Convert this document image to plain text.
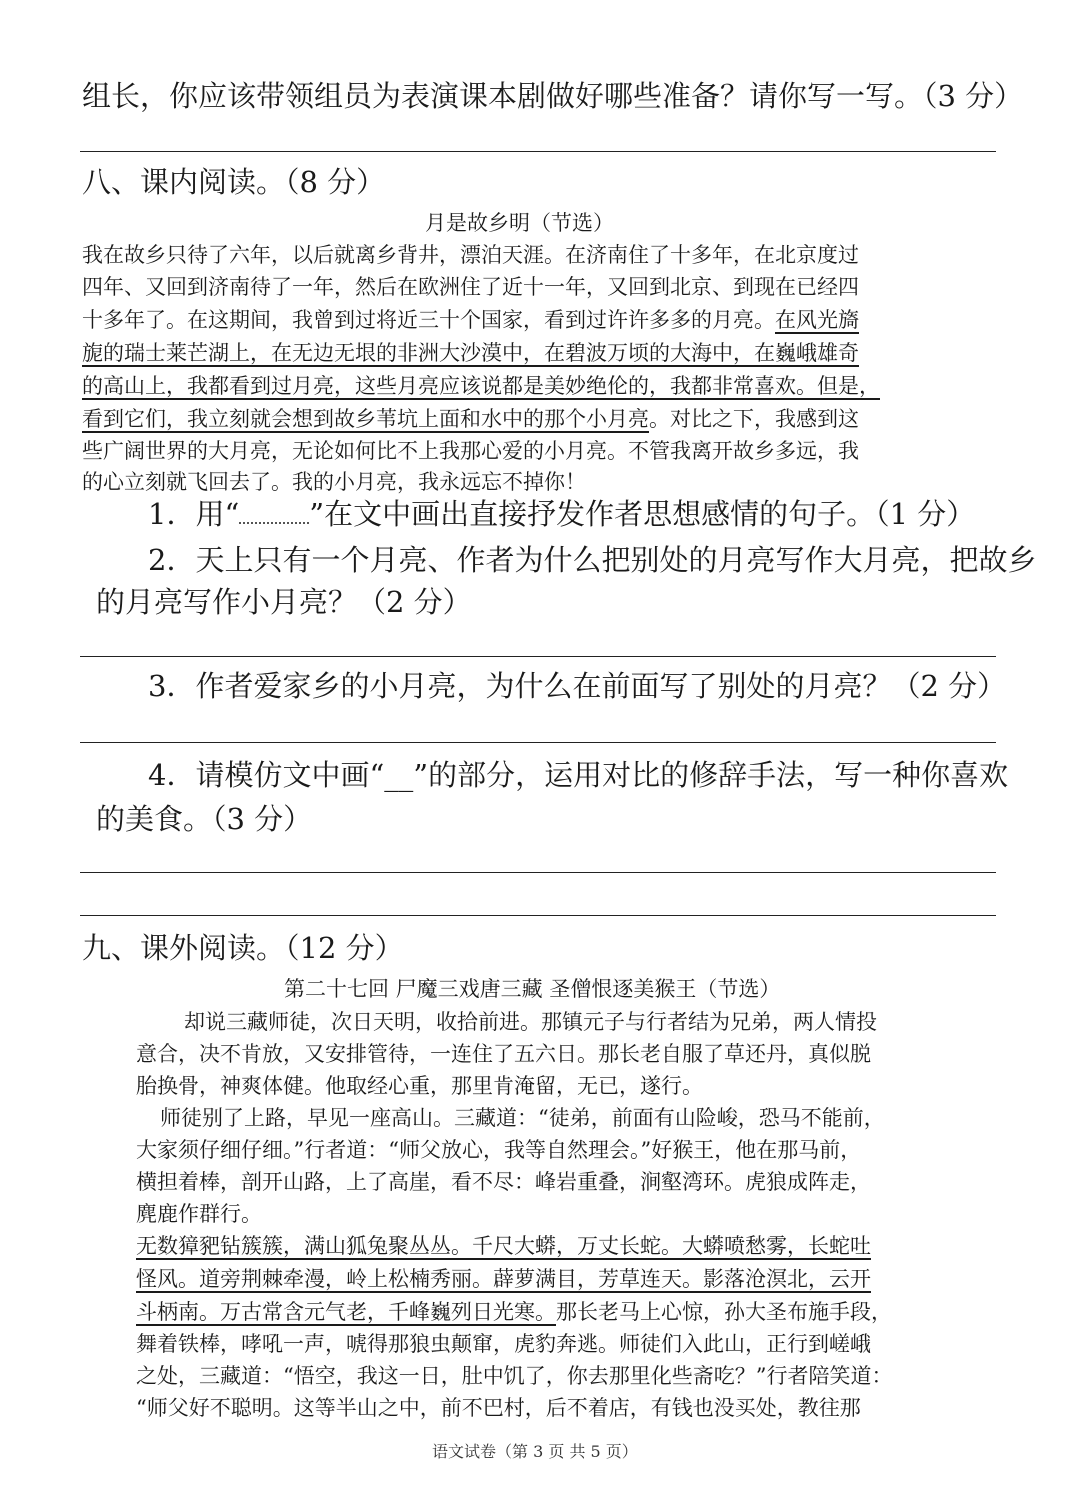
组长，你应该带领组员为表演课本剧做好哪些准备？请你写一写。（3 分）

八、课内阅读。（8 分）

月是故乡明（节选）

我在故乡只待了六年，以后就离乡背井，漂泊天涯。在济南住了十多年，在北京度过

四年、又回到济南待了一年，然后在欧洲住了近十一年，又回到北京、到现在已经四

十多年了。在这期间，我曾到过将近三十个国家，看到过许许多多的月亮。在风光旖

旎的瑞士莱芒湖上，在无边无垠的非洲大沙漠中，在碧波万顷的大海中，在巍峨雄奇

的高山上，我都看到过月亮，这些月亮应该说都是美妙绝伦的，我都非常喜欢。但是，

看到它们，我立刻就会想到故乡苇坑上面和水中的那个小月亮。对比之下，我感到这

些广阔世界的大月亮，无论如何比不上我那心爱的小月亮。不管我离开故乡多远，我

的心立刻就飞回去了。我的小月亮，我永远忘不掉你！

1．用“ ”在文中画出直接抒发作者思想感情的句子。（1 分）

2．天上只有一个月亮、作者为什么把别处的月亮写作大月亮，把故乡

的月亮写作小月亮？（2 分）

3．作者爱家乡的小月亮，为什么在前面写了别处的月亮？（2 分）

4．请模仿文中画“__”的部分，运用对比的修辞手法，写一种你喜欢

的美食。（3 分）

九、课外阅读。（12 分）

第二十七回 尸魔三戏唐三藏 圣僧恨逐美猴王（节选）

却说三藏师徒，次日天明，收拾前进。那镇元子与行者结为兄弟，两人情投

意合，决不肯放，又安排管待，一连住了五六日。那长老自服了草还丹，真似脱

胎换骨，神爽体健。他取经心重，那里肯淹留，无已，遂行。

师徒别了上路，早见一座高山。三藏道：“徒弟，前面有山险峻，恐马不能前，

大家须仔细仔细。”行者道：“师父放心，我等自然理会。”好猴王，他在那马前，

横担着棒，剖开山路，上了高崖，看不尽：峰岩重叠，涧壑湾环。虎狼成阵走，

麂鹿作群行。

无数獐豝钻簇簇，满山狐兔聚丛丛。千尺大蟒，万丈长蛇。大蟒喷愁雾，长蛇吐

怪风。道旁荆棘牵漫，岭上松楠秀丽。薜萝满目，芳草连天。影落沧溟北，云开

斗柄南。万古常含元气老，千峰巍列日光寒。那长老马上心惊，孙大圣布施手段，

舞着铁棒，哮吼一声，唬得那狼虫颠窜，虎豹奔逃。师徒们入此山，正行到嵯峨

之处，三藏道：“悟空，我这一日，肚中饥了，你去那里化些斋吃？”行者陪笑道：

“师父好不聪明。这等半山之中，前不巴村，后不着店，有钱也没买处，教往那

语文试卷（第 3 页 共 5 页）
